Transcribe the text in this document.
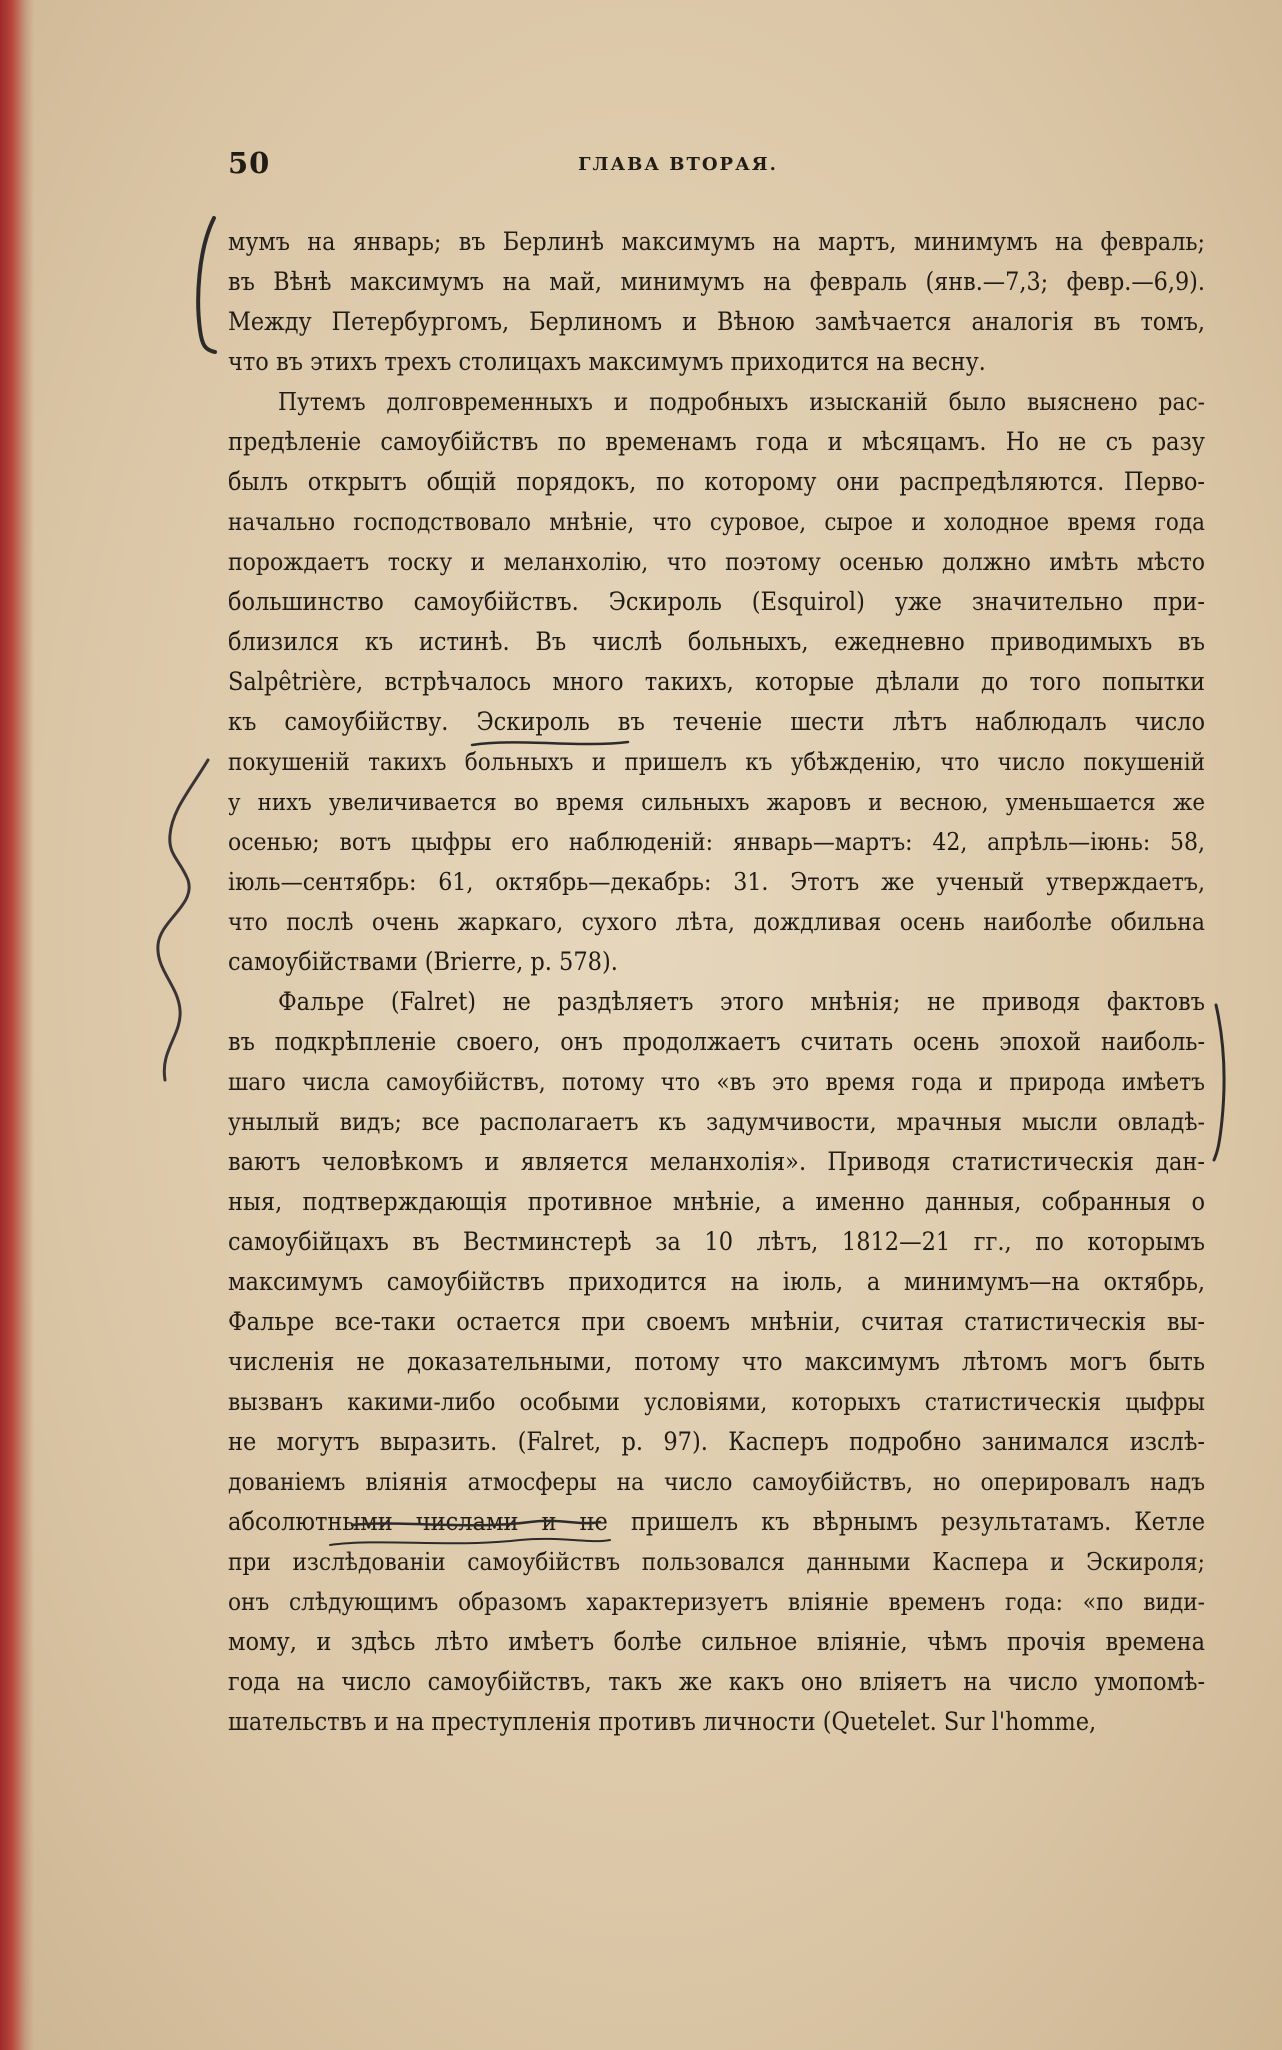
50	ГЛАВА ВТОРАЯ.
мумъ на январь; въ Берлинѣ максимумъ на мартъ, минимумъ на февраль;
въ Вѣнѣ максимумъ на май, минимумъ на февраль (янв.—7,3; февр.—6,9).
Между Петербургомъ, Берлиномъ и Вѣною замѣчается аналогія въ томъ,
что въ этихъ трехъ столицахъ максимумъ приходится на весну.
Путемъ долговременныхъ и подробныхъ изысканій было выяснено рас-
предѣленіе самоубійствъ по временамъ года и мѣсяцамъ. Но не съ разу
былъ открытъ общій порядокъ, по которому они распредѣляются. Перво-
начально господствовало мнѣніе, что суровое, сырое и холодное время года
порождаетъ тоску и меланхолію, что поэтому осенью должно имѣть мѣсто
большинство самоубійствъ. Эскироль (Esquirol) уже значительно при-
близился къ истинѣ. Въ числѣ больныхъ, ежедневно приводимыхъ въ
Salpêtrière, встрѣчалось много такихъ, которые дѣлали до того попытки
къ самоубійству. Эскироль въ теченіе шести лѣтъ наблюдалъ число
покушеній такихъ больныхъ и пришелъ къ убѣжденію, что число покушеній
у нихъ увеличивается во время сильныхъ жаровъ и весною, уменьшается же
осенью; вотъ цыфры его наблюденій: январь—мартъ: 42, апрѣль—іюнь: 58,
іюль—сентябрь: 61, октябрь—декабрь: 31. Этотъ же ученый утверждаетъ,
что послѣ очень жаркаго, сухого лѣта, дождливая осень наиболѣе обильна
самоубійствами (Brierre, p. 578).
Фальре (Falret) не раздѣляетъ этого мнѣнія; не приводя фактовъ
въ подкрѣпленіе своего, онъ продолжаетъ считать осень эпохой наиболь-
шаго числа самоубійствъ, потому что «въ это время года и природа имѣетъ
унылый видъ; все располагаетъ къ задумчивости, мрачныя мысли овладѣ-
ваютъ человѣкомъ и является меланхолія». Приводя статистическія дан-
ныя, подтверждающія противное мнѣніе, а именно данныя, собранныя о
самоубійцахъ въ Вестминстерѣ за 10 лѣтъ, 1812—21 гг., по которымъ
максимумъ самоубійствъ приходится на іюль, а минимумъ—на октябрь,
Фальре все-таки остается при своемъ мнѣніи, считая статистическія вы-
численія не доказательными, потому что максимумъ лѣтомъ могъ быть
вызванъ какими-либо особыми условіями, которыхъ статистическія цыфры
не могутъ выразить. (Falret, p. 97). Касперъ подробно занимался изслѣ-
дованіемъ вліянія атмосферы на число самоубійствъ, но оперировалъ надъ
абсолютными числами и не пришелъ къ вѣрнымъ результатамъ. Кетле
при изслѣдованіи самоубійствъ пользовался данными Каспера и Эскироля;
онъ слѣдующимъ образомъ характеризуетъ вліяніе временъ года: «по види-
мому, и здѣсь лѣто имѣетъ болѣе сильное вліяніе, чѣмъ прочія времена
года на число самоубійствъ, такъ же какъ оно вліяетъ на число умопомѣ-
шательствъ и на преступленія противъ личности (Quetelet. Sur l'homme,
